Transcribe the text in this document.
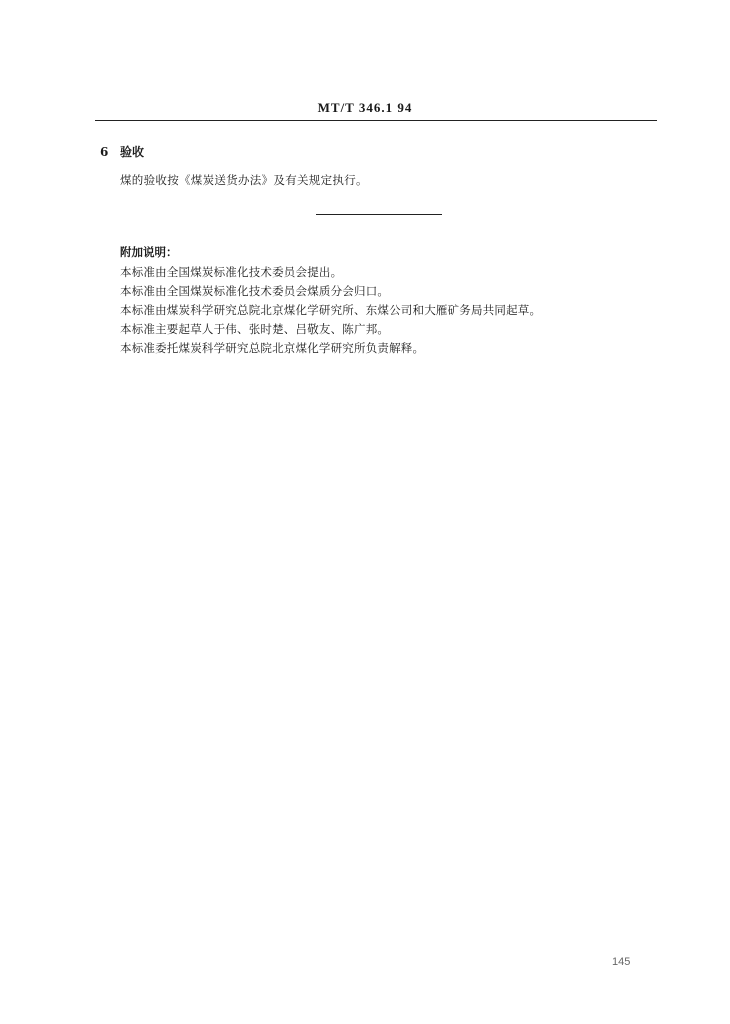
MT/T 346.1 94
6 验收
煤的验收按《煤炭送货办法》及有关规定执行。
附加说明：
本标准由全国煤炭标准化技术委员会提出。
本标准由全国煤炭标准化技术委员会煤质分会归口。
本标准由煤炭科学研究总院北京煤化学研究所、东煤公司和大雁矿务局共同起草。
本标准主要起草人于伟、张时楚、吕敬友、陈广邦。
本标准委托煤炭科学研究总院北京煤化学研究所负责解释。
145
